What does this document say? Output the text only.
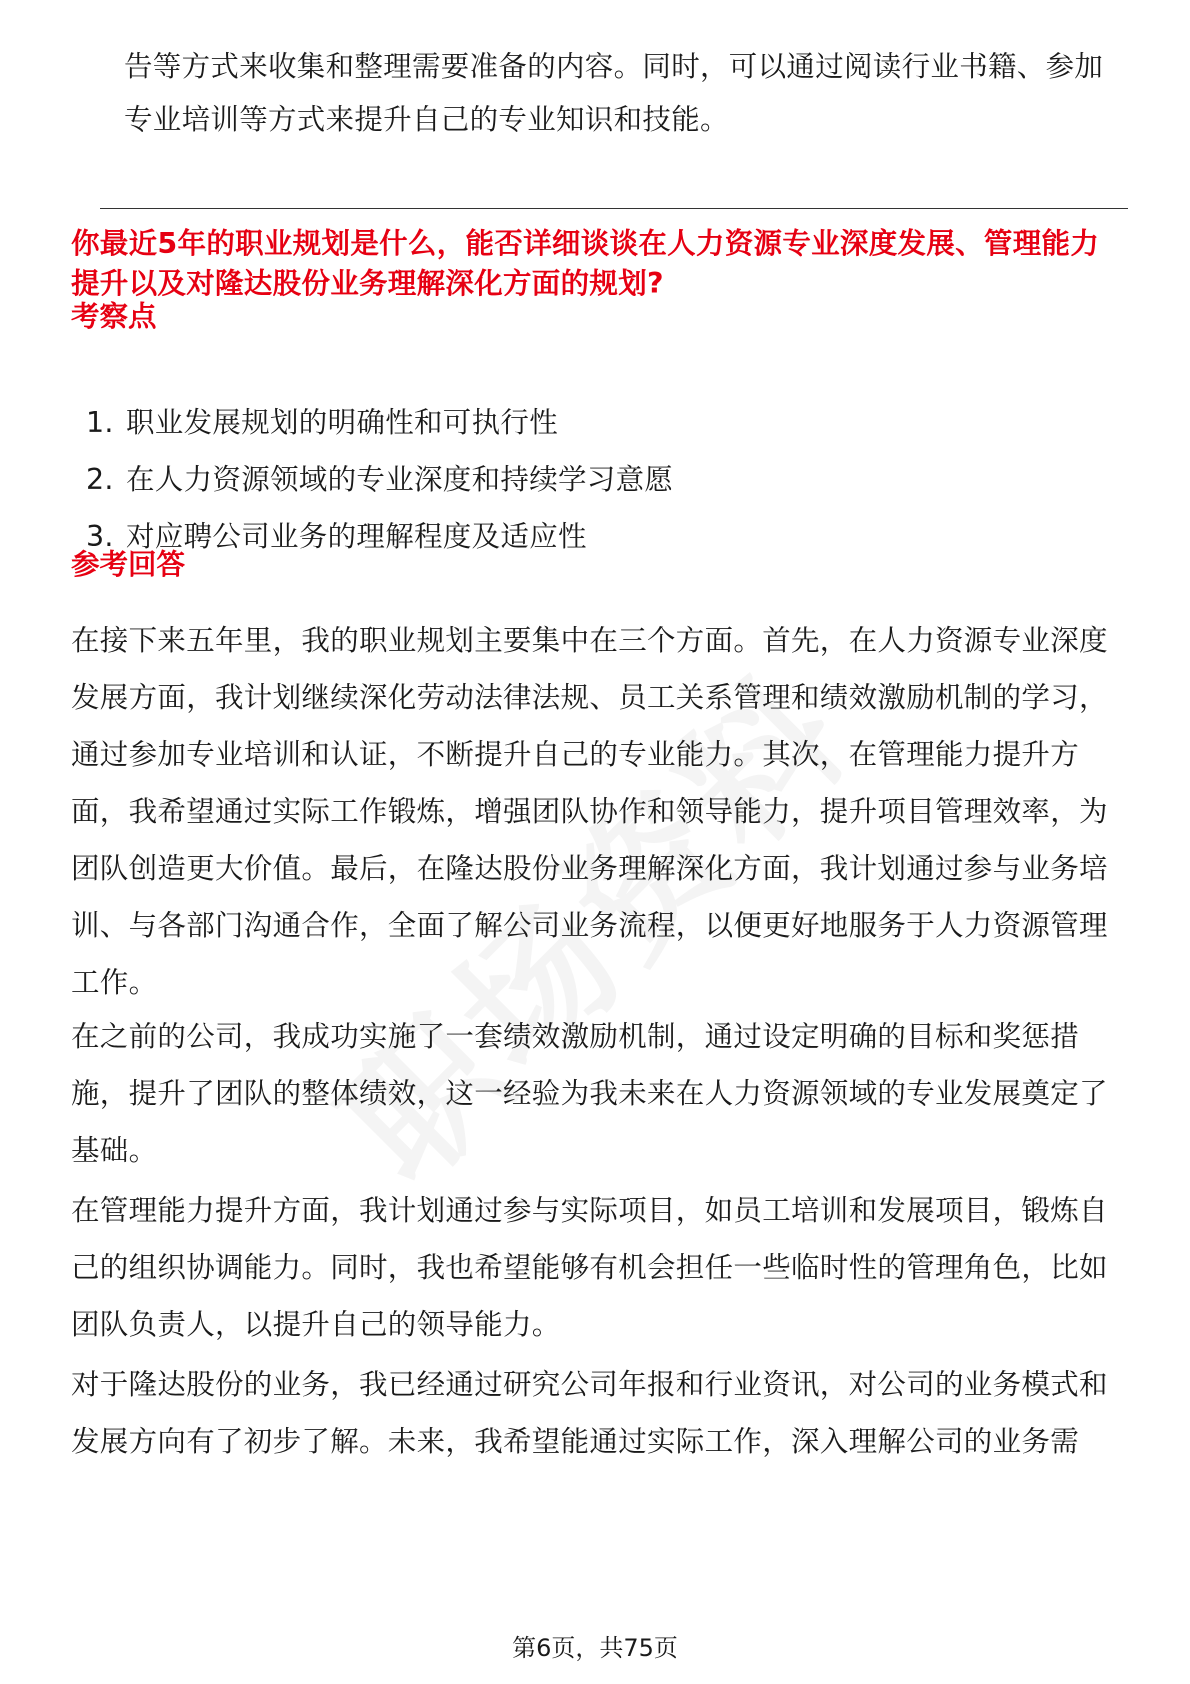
告等方式来收集和整理需要准备的内容。同时，可以通过阅读行业书籍、参加

专业培训等方式来提升自己的专业知识和技能。

你最近5年的职业规划是什么，能否详细谈谈在人力资源专业深度发展、管理能力提升以及对隆达股份业务理解深化方面的规划?

考察点

1. 职业发展规划的明确性和可执行性
2. 在人力资源领域的专业深度和持续学习意愿
3. 对应聘公司业务的理解程度及适应性

参考回答

在接下来五年里，我的职业规划主要集中在三个方面。首先，在人力资源专业深度发展方面，我计划继续深化劳动法律法规、员工关系管理和绩效激励机制的学习，通过参加专业培训和认证，不断提升自己的专业能力。其次，在管理能力提升方面，我希望通过实际工作锻炼，增强团队协作和领导能力，提升项目管理效率，为团队创造更大价值。最后，在隆达股份业务理解深化方面，我计划通过参与业务培训、与各部门沟通合作，全面了解公司业务流程，以便更好地服务于人力资源管理工作。

在之前的公司，我成功实施了一套绩效激励机制，通过设定明确的目标和奖惩措施，提升了团队的整体绩效，这一经验为我未来在人力资源领域的专业发展奠定了基础。

在管理能力提升方面，我计划通过参与实际项目，如员工培训和发展项目，锻炼自己的组织协调能力。同时，我也希望能够有机会担任一些临时性的管理角色，比如团队负责人，以提升自己的领导能力。

对于隆达股份的业务，我已经通过研究公司年报和行业资讯，对公司的业务模式和发展方向有了初步了解。未来，我希望能通过实际工作，深入理解公司的业务需

第6页，共75页
